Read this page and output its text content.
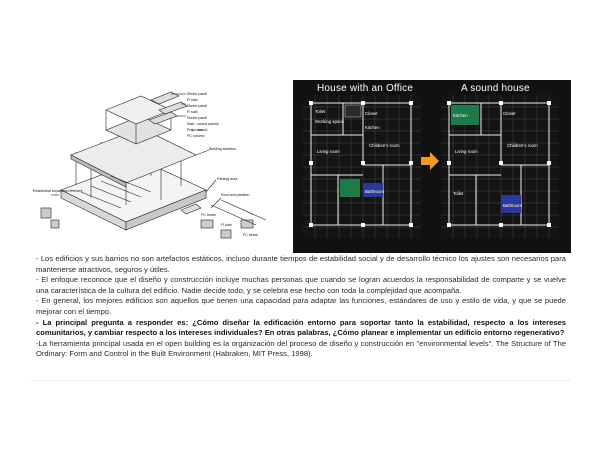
Shrine panel
Fl slab
Shrine panel
Fl slab
Shrine panel
Slab - sound panels
Proj. - sound
PC column
Building skeleton
Residential separation element
Parking area
Roof and partition
PC beam
Fl slab
FC beam
House with an Office	A sound house
Working space
Closet
Kitchen
Living room
Bathroom
Children's room
Toilet
Kitchen	Closet
Living room
Children's room
Bathroom
Toilet

- Los edificios y sus barrios no son artefactos estáticos, incluso durante tiempos de estabilidad social y de desarrollo técnico los ajustes son necesarios para mantenerse atractivos, seguros y útiles.

- El enfoque reconoce que el diseño y construcción incluye muchas personas que cuando se logran acuerdos la responsabilidad de comparte y se vuelve una característica de la cultura del edificio. Nadie decide todo, y se celebra ese hecho con toda la complejidad que acompaña.

- En general, los mejores edificios son aquellos que tienen una capacidad para adaptar las funciones, estándares de uso y estilo de vida, y que se puede mejorar con el tiempo.

- La principal pregunta a responder es: ¿Cómo diseñar la edificación entorno para soportar tanto la estabilidad, respecto a los intereses comunitarios, y cambiar respecto a los intereses individuales? En otras palabras, ¿Cómo planear e implementar un edificio entorno regenerativo?

-La herramienta principal usada en el open building es la organización del proceso de diseño y construcción en "environmental levels". The Structure of The Ordinary: Form and Control in the Built Environment (Habraken, MIT Press, 1998).
